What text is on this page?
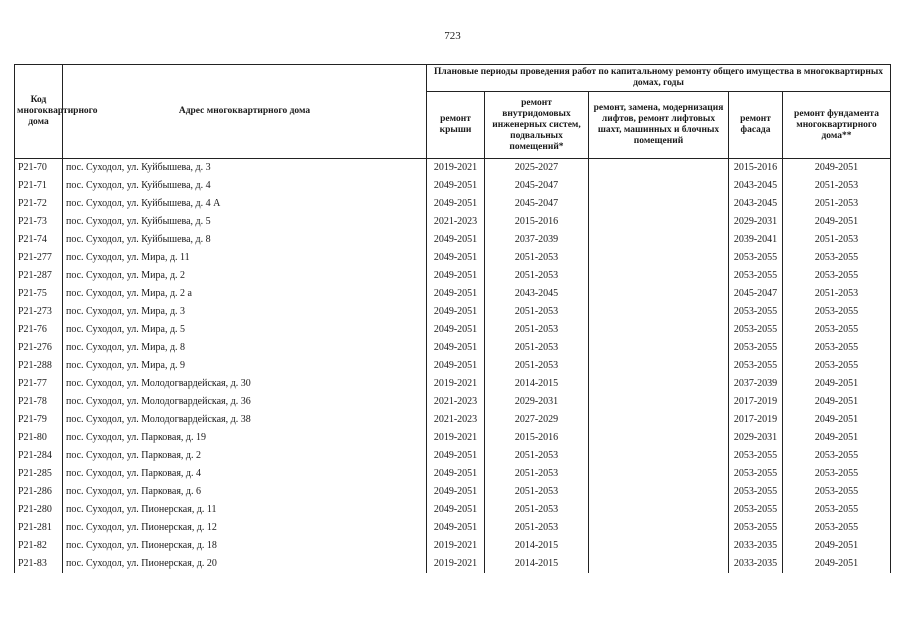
723
Код многоквартирного дома	Адрес многоквартирного дома	Плановые периоды проведения работ по капитальному ремонту общего имущества в многоквартирных домах, годы				
		ремонт крыши	ремонт внутридомовых инженерных систем, подвальных помещений*	ремонт, замена, модернизация лифтов, ремонт лифтовых шахт, машинных и блочных помещений	ремонт фасада	ремонт фундамента многоквартирного дома**
P21-70	пос. Суходол, ул. Куйбышева, д. 3	2019-2021	2025-2027		2015-2016	2049-2051
P21-71	пос. Суходол, ул. Куйбышева, д. 4	2049-2051	2045-2047		2043-2045	2051-2053
P21-72	пос. Суходол, ул. Куйбышева, д. 4 А	2049-2051	2045-2047		2043-2045	2051-2053
P21-73	пос. Суходол, ул. Куйбышева, д. 5	2021-2023	2015-2016		2029-2031	2049-2051
P21-74	пос. Суходол, ул. Куйбышева, д. 8	2049-2051	2037-2039		2039-2041	2051-2053
P21-277	пос. Суходол, ул. Мира, д. 11	2049-2051	2051-2053		2053-2055	2053-2055
P21-287	пос. Суходол, ул. Мира, д. 2	2049-2051	2051-2053		2053-2055	2053-2055
P21-75	пос. Суходол, ул. Мира, д. 2 а	2049-2051	2043-2045		2045-2047	2051-2053
P21-273	пос. Суходол, ул. Мира, д. 3	2049-2051	2051-2053		2053-2055	2053-2055
P21-76	пос. Суходол, ул. Мира, д. 5	2049-2051	2051-2053		2053-2055	2053-2055
P21-276	пос. Суходол, ул. Мира, д. 8	2049-2051	2051-2053		2053-2055	2053-2055
P21-288	пос. Суходол, ул. Мира, д. 9	2049-2051	2051-2053		2053-2055	2053-2055
P21-77	пос. Суходол, ул. Молодогвардейская, д. 30	2019-2021	2014-2015		2037-2039	2049-2051
P21-78	пос. Суходол, ул. Молодогвардейская, д. 36	2021-2023	2029-2031		2017-2019	2049-2051
P21-79	пос. Суходол, ул. Молодогвардейская, д. 38	2021-2023	2027-2029		2017-2019	2049-2051
P21-80	пос. Суходол, ул. Парковая, д. 19	2019-2021	2015-2016		2029-2031	2049-2051
P21-284	пос. Суходол, ул. Парковая, д. 2	2049-2051	2051-2053		2053-2055	2053-2055
P21-285	пос. Суходол, ул. Парковая, д. 4	2049-2051	2051-2053		2053-2055	2053-2055
P21-286	пос. Суходол, ул. Парковая, д. 6	2049-2051	2051-2053		2053-2055	2053-2055
P21-280	пос. Суходол, ул. Пионерская, д. 11	2049-2051	2051-2053		2053-2055	2053-2055
P21-281	пос. Суходол, ул. Пионерская, д. 12	2049-2051	2051-2053		2053-2055	2053-2055
P21-82	пос. Суходол, ул. Пионерская, д. 18	2019-2021	2014-2015		2033-2035	2049-2051
P21-83	пос. Суходол, ул. Пионерская, д. 20	2019-2021	2014-2015		2033-2035	2049-2051
